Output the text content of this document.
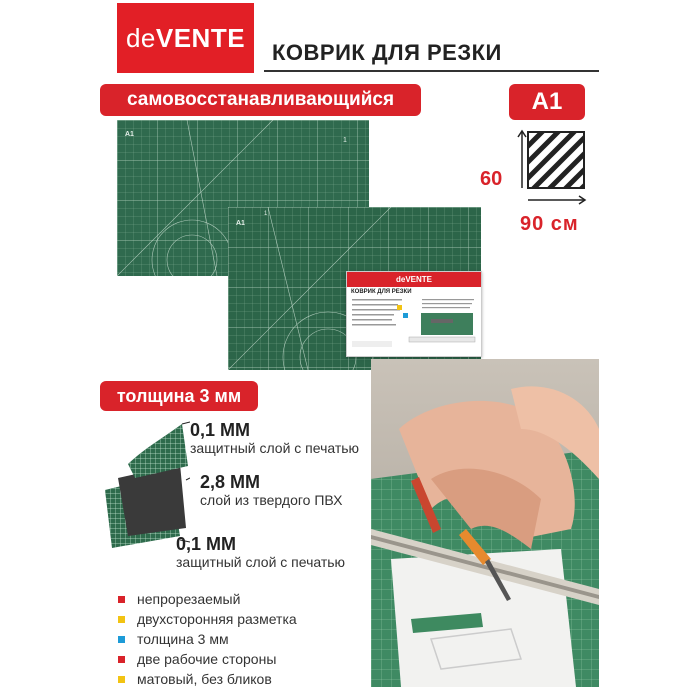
deVENTE КОВРИК ДЛЯ РЕЗКИ
самовосстанавливающийся	A1
60
90 см
A1
1
A1
1
deVENTE
КОВРИК ДЛЯ РЕЗКИ
толщина 3 мм
0,1 ММ
защитный слой с печатью
2,8 ММ
слой из твердого ПВХ
0,1 ММ
защитный слой с печатью
непрорезаемый
двухсторонняя разметка
толщина 3 мм
две рабочие стороны
матовый, без бликов
